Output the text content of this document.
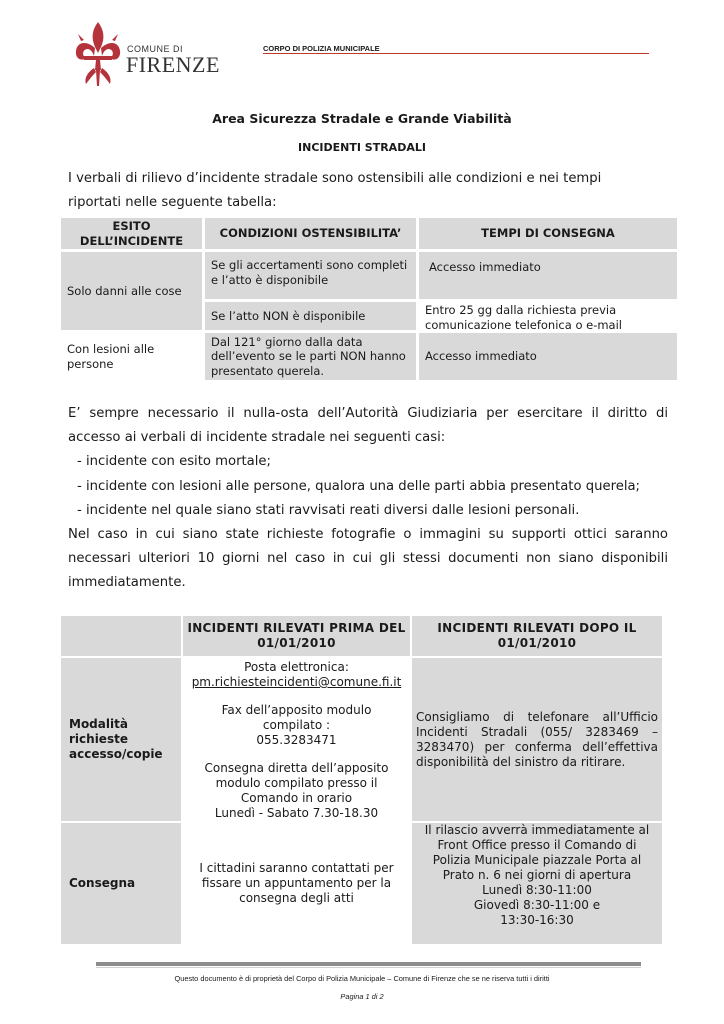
COMUNE DI
FIRENZE
CORPO DI POLIZIA MUNICIPALE
Area Sicurezza Stradale e Grande Viabilità
INCIDENTI STRADALI
I verbali di rilievo d’incidente stradale sono ostensibili alle condizioni e nei tempi
riportati nelle seguente tabella:
ESITO DELL’INCIDENTE
CONDIZIONI OSTENSIBILITA’	TEMPI DI CONSEGNA
Solo danni alle cose
Se gli accertamenti sono completi e l’atto è disponibile
Accesso immediato
Se l’atto NON è disponibile	Entro 25 gg dalla richiesta previa comunicazione telefonica o e-mail
Con lesioni alle persone
Dal 121° giorno dalla data dell’evento se le parti NON hanno presentato querela.
Accesso immediato
E’ sempre necessario il nulla-osta dell’Autorità Giudiziaria per esercitare il diritto di accesso ai verbali di incidente stradale nei seguenti casi:
- incidente con esito mortale;
- incidente con lesioni alle persone, qualora una delle parti abbia presentato querela;
- incidente nel quale siano stati ravvisati reati diversi dalle lesioni personali.
Nel caso in cui siano state richieste fotografie o immagini su supporti ottici saranno necessari ulteriori 10 giorni nel caso in cui gli stessi documenti non siano disponibili immediatamente.
INCIDENTI RILEVATI PRIMA DEL 01/01/2010
INCIDENTI RILEVATI DOPO IL 01/01/2010
Modalità richieste accesso/copie
Posta elettronica:
pm.richiesteincidenti@comune.fi.it
Fax dell’apposito modulo compilato :
055.3283471
Consegna diretta dell’apposito modulo compilato presso il Comando in orario
Lunedì - Sabato 7.30-18.30
Consigliamo di telefonare all’Ufficio Incidenti Stradali (055/ 3283469 – 3283470) per conferma dell’effettiva disponibilità del sinistro da ritirare.
Consegna
I cittadini saranno contattati per fissare un appuntamento per la consegna degli atti
Il rilascio avverrà immediatamente al Front Office presso il Comando di Polizia Municipale piazzale Porta al Prato n. 6 nei giorni di apertura
Lunedì 8:30-11:00
Giovedì 8:30-11:00 e
13:30-16:30
Questo documento è di proprietà del Corpo di Polizia Municipale – Comune di Firenze che se ne riserva tutti i diritti
Pagina 1 di 2
